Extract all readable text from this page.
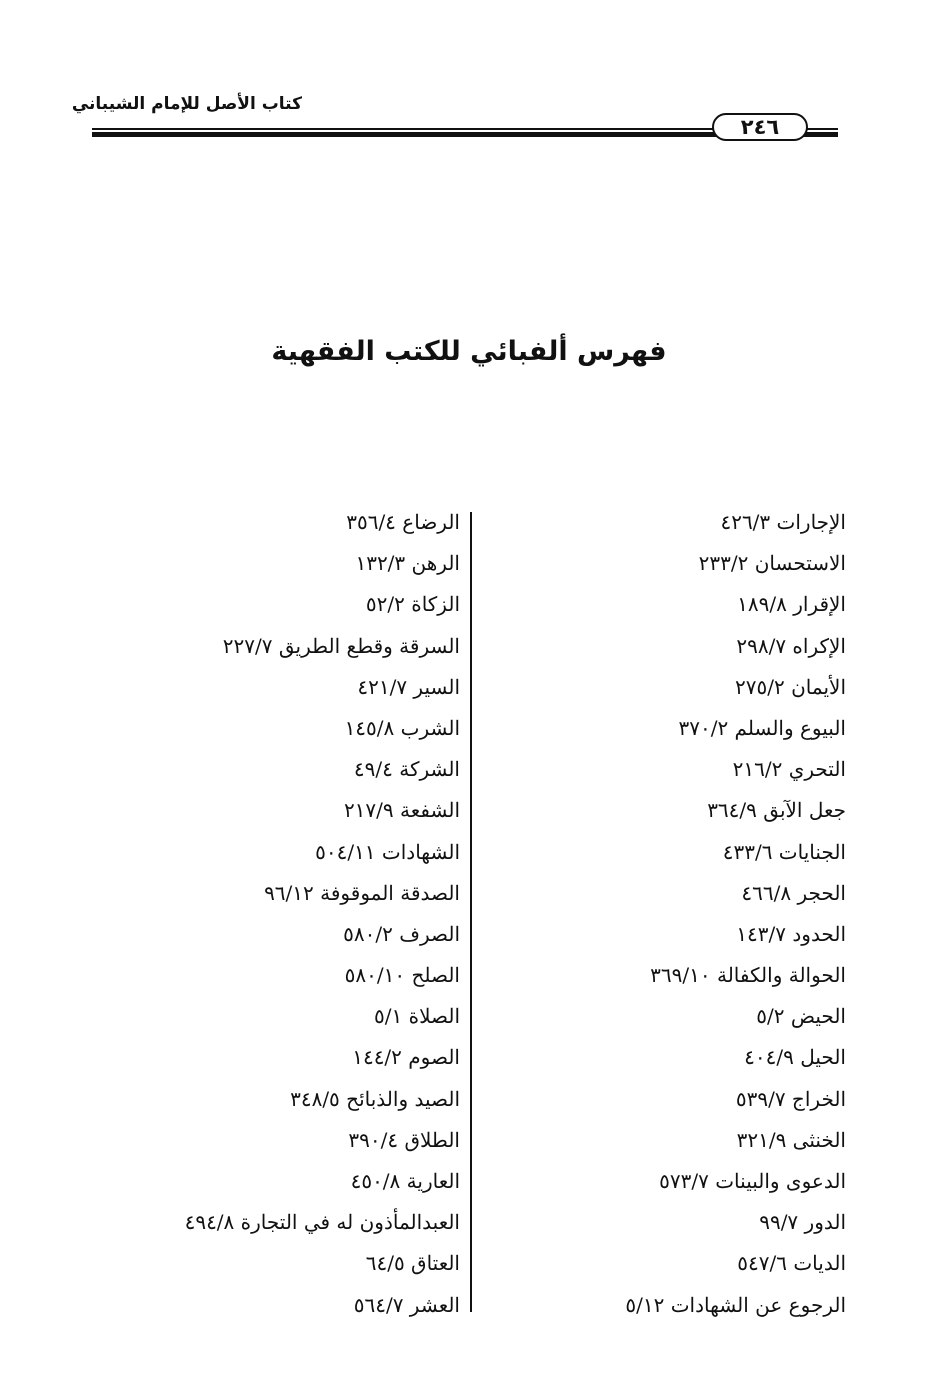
كتاب الأصل للإمام الشيباني
٢٤٦
فهرس ألفبائي للكتب الفقهية
الإجارات ٤٢٦/٣
الاستحسان ٢٣٣/٢
الإقرار ١٨٩/٨
الإكراه ٢٩٨/٧
الأيمان ٢٧٥/٢
البيوع والسلم ٣٧٠/٢
التحري ٢١٦/٢
جعل الآبق ٣٦٤/٩
الجنايات ٤٣٣/٦
الحجر ٤٦٦/٨
الحدود ١٤٣/٧
الحوالة والكفالة ٣٦٩/١٠
الحيض ٥/٢
الحيل ٤٠٤/٩
الخراج ٥٣٩/٧
الخنثى ٣٢١/٩
الدعوى والبينات ٥٧٣/٧
الدور ٩٩/٧
الديات ٥٤٧/٦
الرجوع عن الشهادات ٥/١٢
الرضاع ٣٥٦/٤
الرهن ١٣٢/٣
الزكاة ٥٢/٢
السرقة وقطع الطريق ٢٢٧/٧
السير ٤٢١/٧
الشرب ١٤٥/٨
الشركة ٤٩/٤
الشفعة ٢١٧/٩
الشهادات ٥٠٤/١١
الصدقة الموقوفة ٩٦/١٢
الصرف ٥٨٠/٢
الصلح ٥٨٠/١٠
الصلاة ٥/١
الصوم ١٤٤/٢
الصيد والذبائح ٣٤٨/٥
الطلاق ٣٩٠/٤
العارية ٤٥٠/٨
العبدالمأذون له في التجارة ٤٩٤/٨
العتاق ٦٤/٥
العشر ٥٦٤/٧
